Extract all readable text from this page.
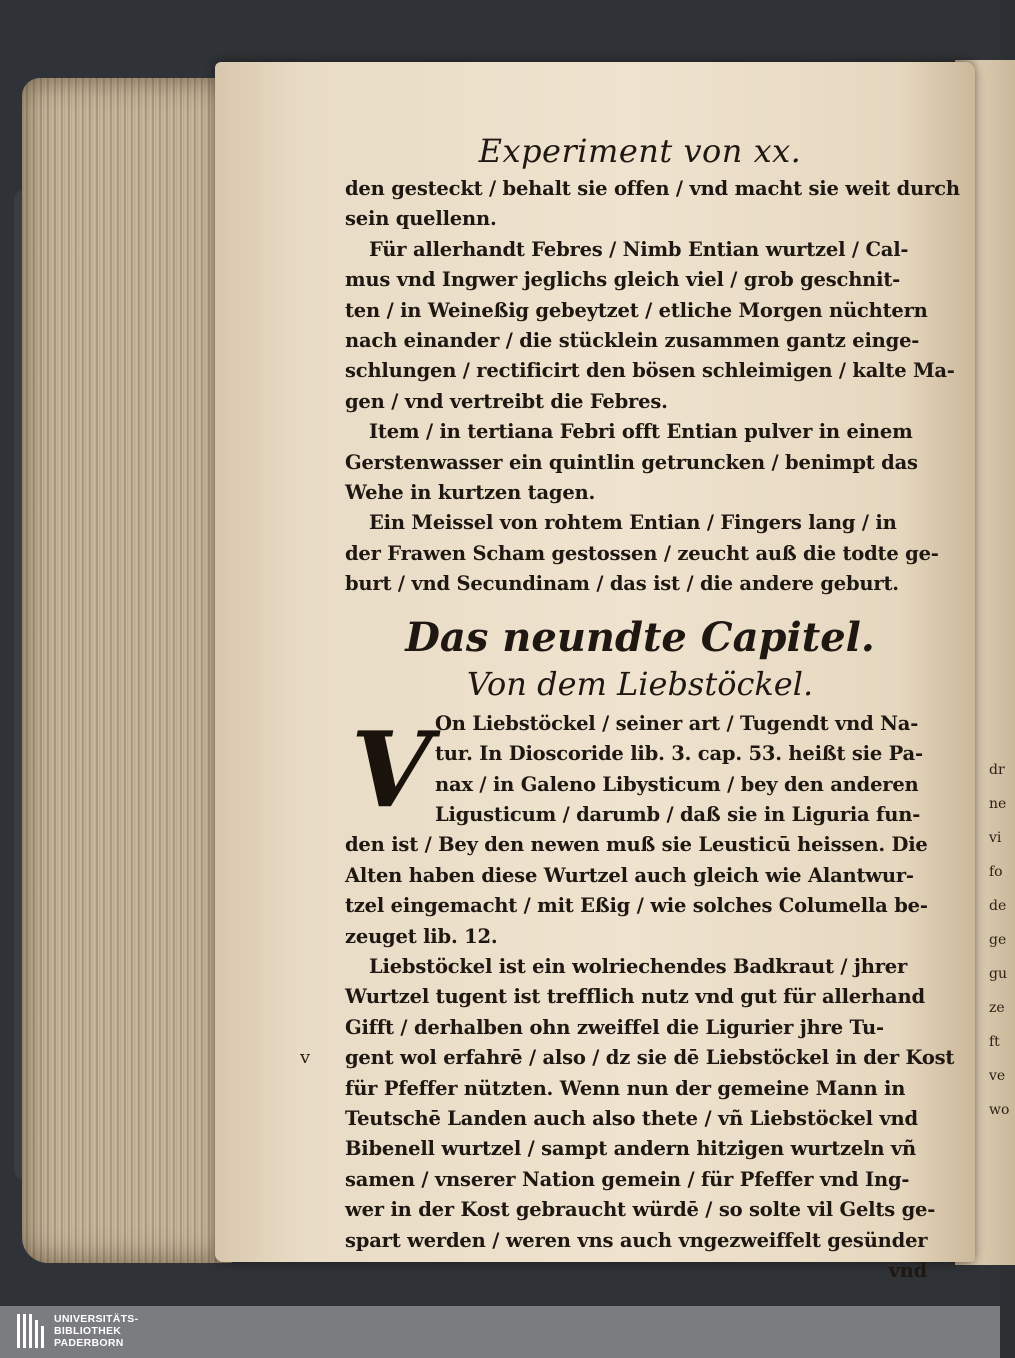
dr
ne
vi
fo
de
ge
gu
ze
ft
ve
wo
v
Experiment von xx.
den gesteckt / behalt sie offen / vnd macht sie weit durch
sein quellenn.
Für allerhandt Febres / Nimb Entian wurtzel / Cal-
mus vnd Ingwer jeglichs gleich viel / grob geschnit-
ten / in Weineßig gebeytzet / etliche Morgen nüchtern
nach einander / die stücklein zusammen gantz einge-
schlungen / rectificirt den bösen schleimigen / kalte Ma-
gen / vnd vertreibt die Febres.
Item / in tertiana Febri offt Entian pulver in einem
Gerstenwasser ein quintlin getruncken / benimpt das
Wehe in kurtzen tagen.
Ein Meissel von rohtem Entian / Fingers lang / in
der Frawen Scham gestossen / zeucht auß die todte ge-
burt / vnd Secundinam / das ist / die andere geburt.
Das neundte Capitel.
Von dem Liebstöckel.
V On Liebstöckel / seiner art / Tugendt vnd Na-
tur. In Dioscoride lib. 3. cap. 53. heißt sie Pa-
nax / in Galeno Libysticum / bey den anderen
Ligusticum / darumb / daß sie in Liguria fun-
den ist / Bey den newen muß sie Leusticū heissen. Die
Alten haben diese Wurtzel auch gleich wie Alantwur-
tzel eingemacht / mit Eßig / wie solches Columella be-
zeuget lib. 12.
Liebstöckel ist ein wolriechendes Badkraut / jhrer
Wurtzel tugent ist trefflich nutz vnd gut für allerhand
Gifft / derhalben ohn zweiffel die Ligurier jhre Tu-
gent wol erfahrē / also / dz sie dē Liebstöckel in der Kost
für Pfeffer nützten. Wenn nun der gemeine Mann in
Teutschē Landen auch also thete / vñ Liebstöckel vnd
Bibenell wurtzel / sampt andern hitzigen wurtzeln vñ
samen / vnserer Nation gemein / für Pfeffer vnd Ing-
wer in der Kost gebraucht würdē / so solte vil Gelts ge-
spart werden / weren vns auch vngezweiffelt gesünder
vnd
UNIVERSITÄTS-
BIBLIOTHEK
PADERBORN
